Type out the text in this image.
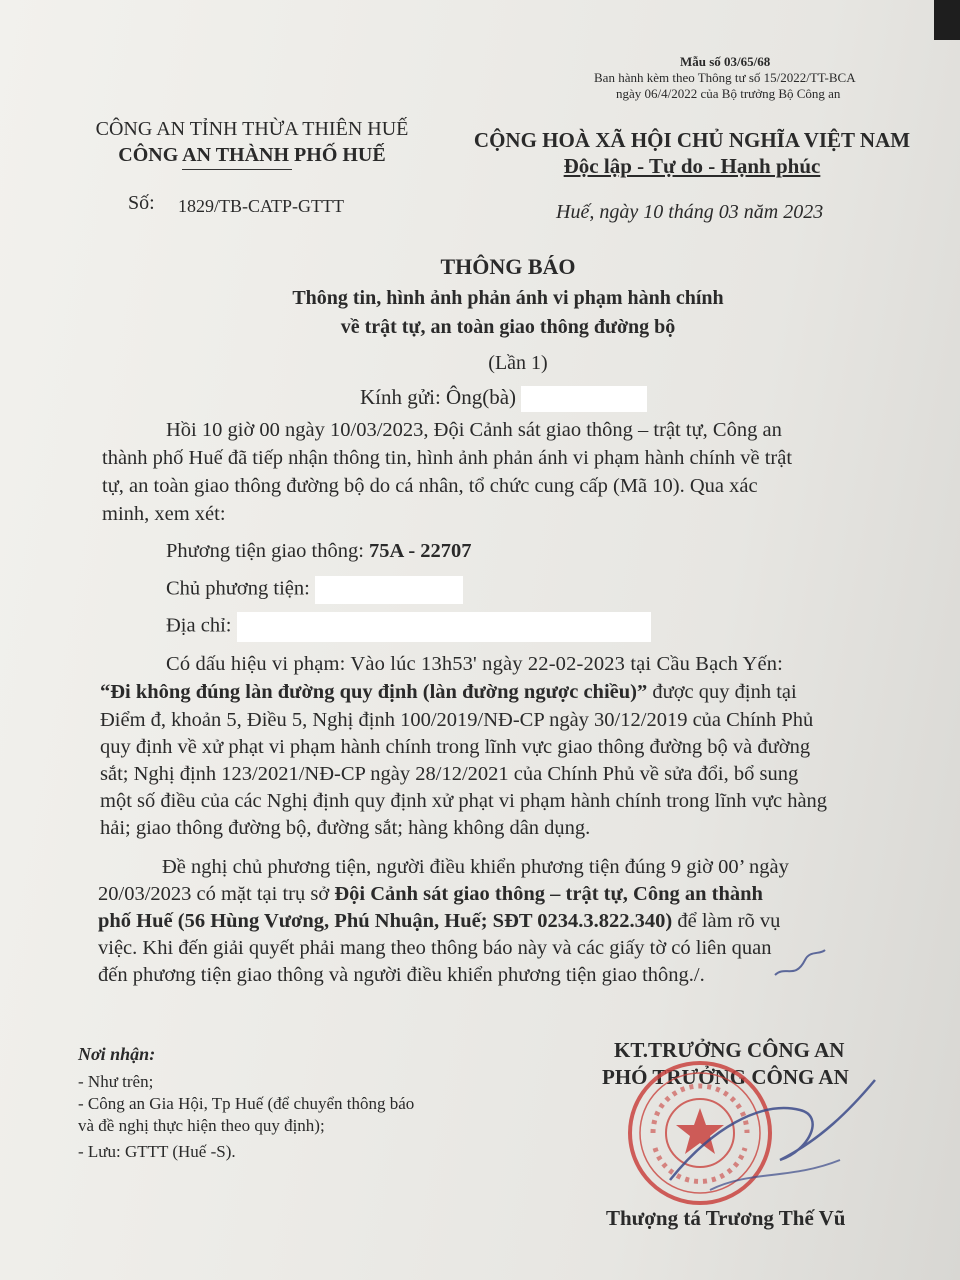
Mẫu số 03/65/68
Ban hành kèm theo Thông tư số 15/2022/TT-BCA
ngày 06/4/2022 của Bộ trưởng Bộ Công an
CÔNG AN TỈNH THỪA THIÊN HUẾ
CÔNG AN THÀNH PHỐ HUẾ
Số: 1829/TB-CATP-GTTT
CỘNG HOÀ XÃ HỘI CHỦ NGHĨA VIỆT NAM
Độc lập - Tự do - Hạnh phúc
Huế, ngày 10 tháng 03 năm 2023
THÔNG BÁO
Thông tin, hình ảnh phản ánh vi phạm hành chính
về trật tự, an toàn giao thông đường bộ
(Lần 1)
Kính gửi: Ông(bà)
Hồi 10 giờ 00 ngày 10/03/2023, Đội Cảnh sát giao thông – trật tự, Công an
thành phố Huế đã tiếp nhận thông tin, hình ảnh phản ánh vi phạm hành chính về trật
tự, an toàn giao thông đường bộ do cá nhân, tổ chức cung cấp (Mã 10). Qua xác
minh, xem xét:
Phương tiện giao thông: 75A - 22707
Chủ phương tiện:
Địa chỉ:
Có dấu hiệu vi phạm: Vào lúc 13h53' ngày 22-02-2023 tại Cầu Bạch Yến:
“Đi không đúng làn đường quy định (làn đường ngược chiều)” được quy định tại
Điểm đ, khoản 5, Điều 5, Nghị định 100/2019/NĐ-CP ngày 30/12/2019 của Chính Phủ
quy định về xử phạt vi phạm hành chính trong lĩnh vực giao thông đường bộ và đường
sắt; Nghị định 123/2021/NĐ-CP ngày 28/12/2021 của Chính Phủ về sửa đổi, bổ sung
một số điều của các Nghị định quy định xử phạt vi phạm hành chính trong lĩnh vực hàng
hải; giao thông đường bộ, đường sắt; hàng không dân dụng.
Đề nghị chủ phương tiện, người điều khiển phương tiện đúng 9 giờ 00’ ngày
20/03/2023 có mặt tại trụ sở Đội Cảnh sát giao thông – trật tự, Công an thành
phố Huế (56 Hùng Vương, Phú Nhuận, Huế; SĐT 0234.3.822.340) để làm rõ vụ
việc. Khi đến giải quyết phải mang theo thông báo này và các giấy tờ có liên quan
đến phương tiện giao thông và người điều khiển phương tiện giao thông./.
Nơi nhận:
- Như trên;
- Công an Gia Hội, Tp Huế (để chuyển thông báo
và đề nghị thực hiện theo quy định);
- Lưu: GTTT (Huế -S).
KT.TRƯỞNG CÔNG AN
PHÓ TRƯỞNG CÔNG AN
Thượng tá Trương Thế Vũ
